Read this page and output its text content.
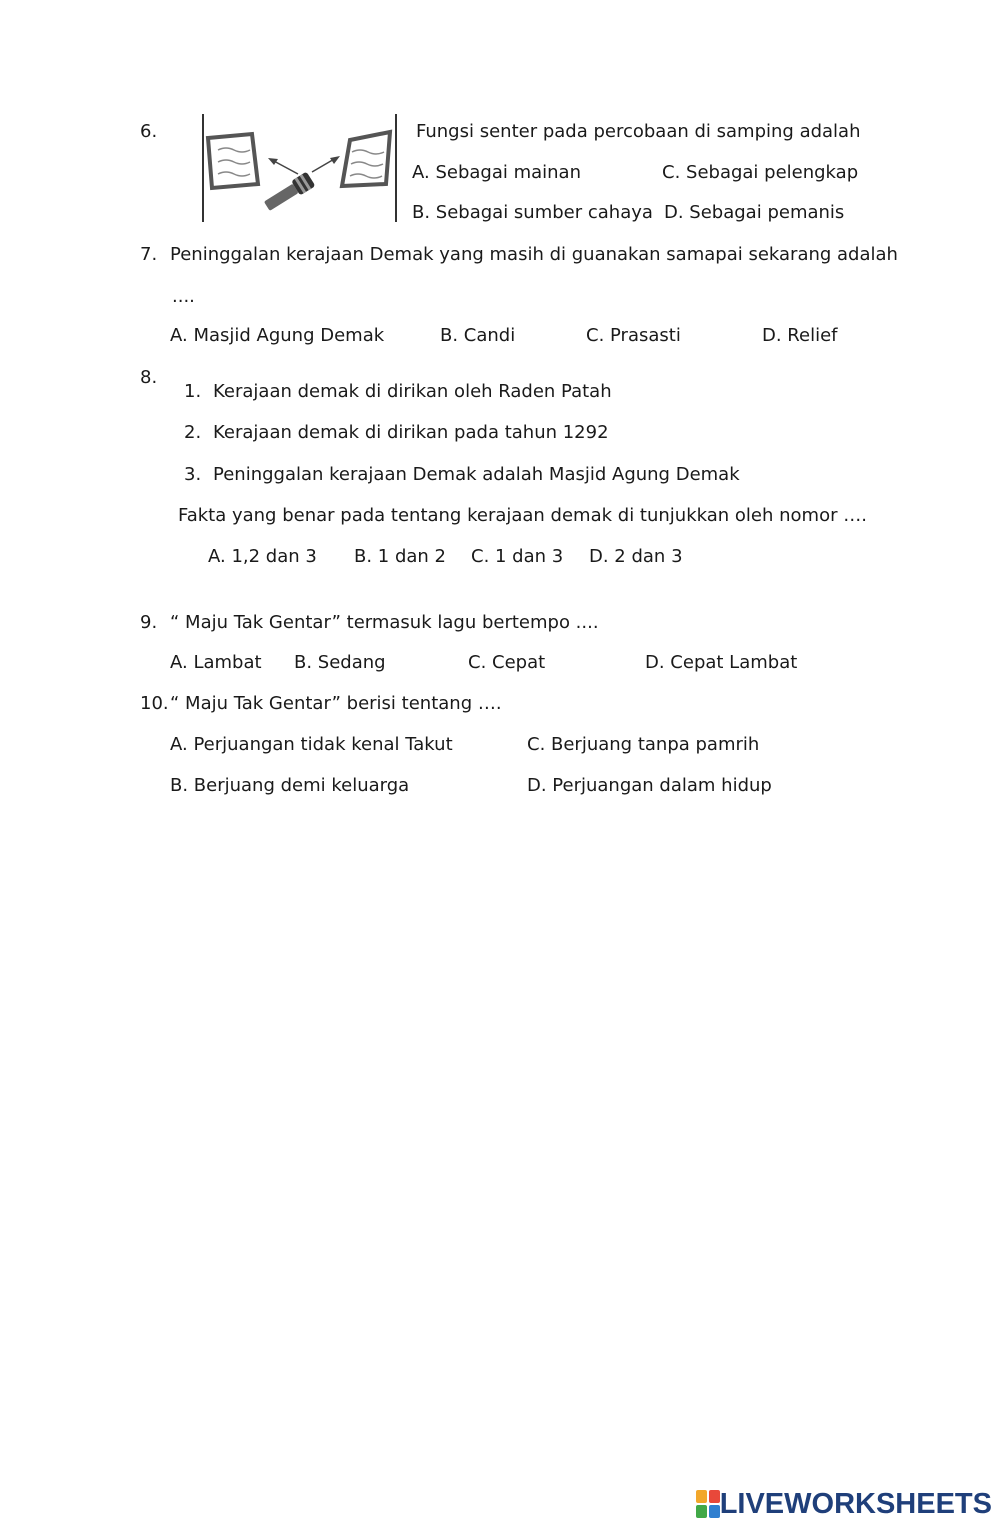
6.	Fungsi senter pada percobaan di samping adalah
A. Sebagai mainan	C. Sebagai pelengkap
B. Sebagai sumber cahaya D. Sebagai pemanis
7. Peninggalan kerajaan Demak yang masih di guanakan samapai sekarang adalah
....
A. Masjid Agung Demak	B. Candi	C. Prasasti	D. Relief
8.
1. Kerajaan demak di dirikan oleh Raden Patah
2. Kerajaan demak di dirikan pada tahun 1292
3. Peninggalan kerajaan Demak adalah Masjid Agung Demak
Fakta yang benar pada tentang kerajaan demak di tunjukkan oleh nomor ….
A. 1,2 dan 3 B. 1 dan 2 C. 1 dan 3 D. 2 dan 3
9. “ Maju Tak Gentar” termasuk lagu bertempo ....
A. Lambat B. Sedang	C. Cepat	D. Cepat Lambat
10. “ Maju Tak Gentar” berisi tentang ….
A. Perjuangan tidak kenal Takut	C. Berjuang tanpa pamrih
B. Berjuang demi keluarga	D. Perjuangan dalam hidup
LIVEWORKSHEETS
